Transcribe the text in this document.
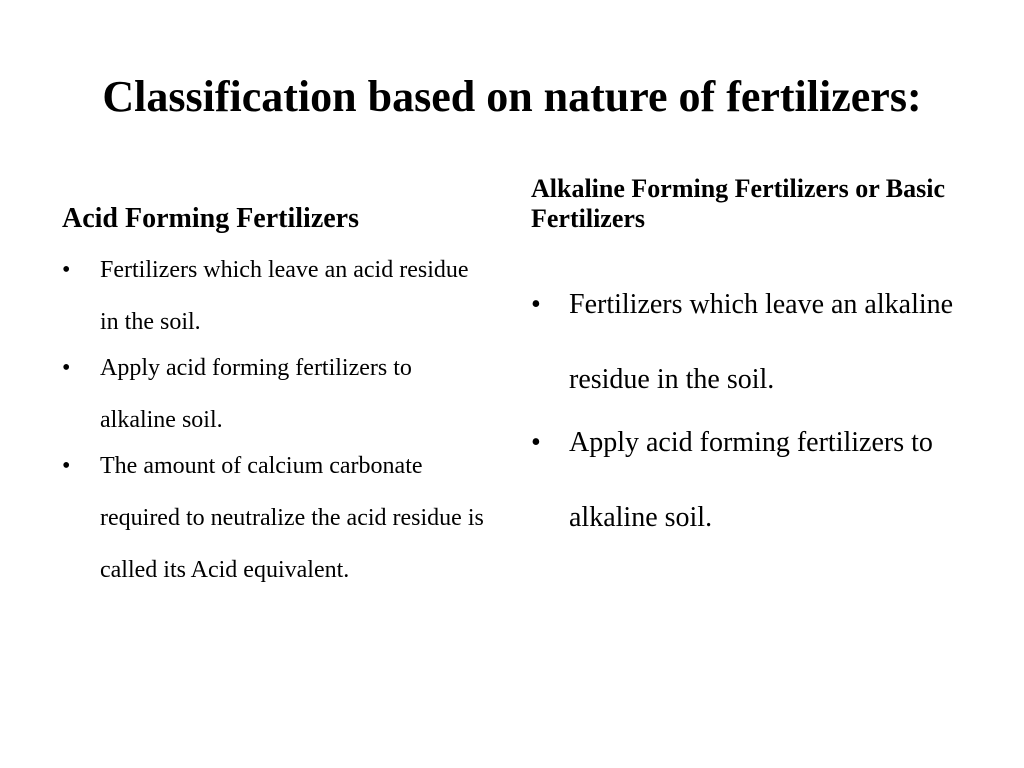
Classification based on nature of fertilizers:
Acid Forming Fertilizers
• Fertilizers which leave an acid residue in the soil.
• Apply acid forming fertilizers to alkaline soil.
• The amount of calcium carbonate required to neutralize the acid residue is called its Acid equivalent.
Alkaline Forming Fertilizers or Basic Fertilizers
• Fertilizers which leave an alkaline residue in the soil.
• Apply acid forming fertilizers to alkaline soil.
